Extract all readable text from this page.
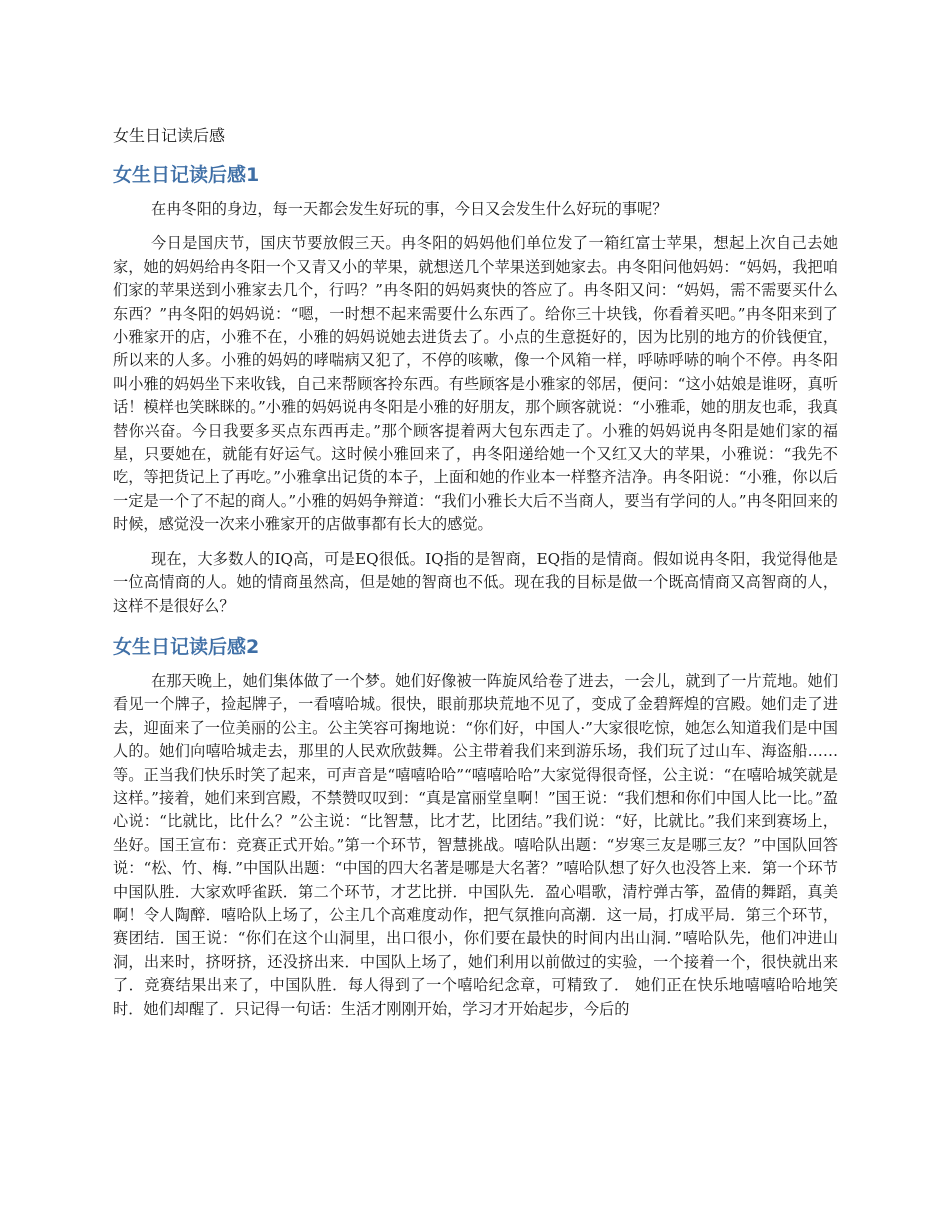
女生日记读后感
女生日记读后感1

在冉冬阳的身边，每一天都会发生好玩的事，今日又会发生什么好玩的事呢？

今日是国庆节，国庆节要放假三天。冉冬阳的妈妈他们单位发了一箱红富士苹果，想起上次自己去她家，她的妈妈给冉冬阳一个又青又小的苹果，就想送几个苹果送到她家去。冉冬阳问他妈妈：“妈妈，我把咱们家的苹果送到小雅家去几个，行吗？”冉冬阳的妈妈爽快的答应了。冉冬阳又问：“妈妈，需不需要买什么东西？”冉冬阳的妈妈说：“嗯，一时想不起来需要什么东西了。给你三十块钱，你看着买吧。”冉冬阳来到了小雅家开的店，小雅不在，小雅的妈妈说她去进货去了。小点的生意挺好的，因为比别的地方的价钱便宜，所以来的人多。小雅的妈妈的哮喘病又犯了，不停的咳嗽，像一个风箱一样，呼哧呼哧的响个不停。冉冬阳叫小雅的妈妈坐下来收钱，自己来帮顾客拎东西。有些顾客是小雅家的邻居，便问：“这小姑娘是谁呀，真听话！模样也笑眯眯的。”小雅的妈妈说冉冬阳是小雅的好朋友，那个顾客就说：“小雅乖，她的朋友也乖，我真替你兴奋。今日我要多买点东西再走。”那个顾客提着两大包东西走了。小雅的妈妈说冉冬阳是她们家的福星，只要她在，就能有好运气。这时候小雅回来了，冉冬阳递给她一个又红又大的苹果，小雅说：“我先不吃，等把货记上了再吃。”小雅拿出记货的本子，上面和她的作业本一样整齐洁净。冉冬阳说：“小雅，你以后一定是一个了不起的商人。”小雅的妈妈争辩道：“我们小雅长大后不当商人，要当有学问的人。”冉冬阳回来的时候，感觉没一次来小雅家开的店做事都有长大的感觉。

现在，大多数人的IQ高，可是EQ很低。IQ指的是智商，EQ指的是情商。假如说冉冬阳，我觉得他是一位高情商的人。她的情商虽然高，但是她的智商也不低。现在我的目标是做一个既高情商又高智商的人，这样不是很好么？

女生日记读后感2

在那天晚上，她们集体做了一个梦。她们好像被一阵旋风给卷了进去，一会儿，就到了一片荒地。她们看见一个牌子，捡起牌子，一看嘻哈城。很快，眼前那块荒地不见了，变成了金碧辉煌的宫殿。她们走了进去，迎面来了一位美丽的公主。公主笑容可掬地说：“你们好，中国人·”大家很吃惊，她怎么知道我们是中国人的。她们向嘻哈城走去，那里的人民欢欣鼓舞。公主带着我们来到游乐场，我们玩了过山车、海盗船……等。正当我们快乐时笑了起来，可声音是“嘻嘻哈哈”“嘻嘻哈哈”大家觉得很奇怪，公主说：“在嘻哈城笑就是这样。”接着，她们来到宫殿，不禁赞叹叹到：“真是富丽堂皇啊！”国王说：“我们想和你们中国人比一比。”盈心说：“比就比，比什么？”公主说：“比智慧，比才艺，比团结。”我们说：“好，比就比。”我们来到赛场上，坐好。国王宣布：竞赛正式开始。”第一个环节，智慧挑战。嘻哈队出题：“岁寒三友是哪三友？”中国队回答说：“松、竹、梅．”中国队出题：“中国的四大名著是哪是大名著？”嘻哈队想了好久也没答上来．第一个环节中国队胜．大家欢呼雀跃．第二个环节，才艺比拼．中国队先．盈心唱歌，清柠弹古筝，盈倩的舞蹈，真美啊！令人陶醉．嘻哈队上场了，公主几个高难度动作，把气氛推向高潮．这一局，打成平局．第三个环节，赛团结．国王说：“你们在这个山洞里，出口很小，你们要在最快的时间内出山洞．”嘻哈队先，他们冲进山洞，出来时，挤呀挤，还没挤出来．中国队上场了，她们利用以前做过的实验，一个接着一个，很快就出来了．竞赛结果出来了，中国队胜．每人得到了一个嘻哈纪念章，可精致了． 她们正在快乐地嘻嘻哈哈地笑时．她们却醒了．只记得一句话：生活才刚刚开始，学习才开始起步，今后的
